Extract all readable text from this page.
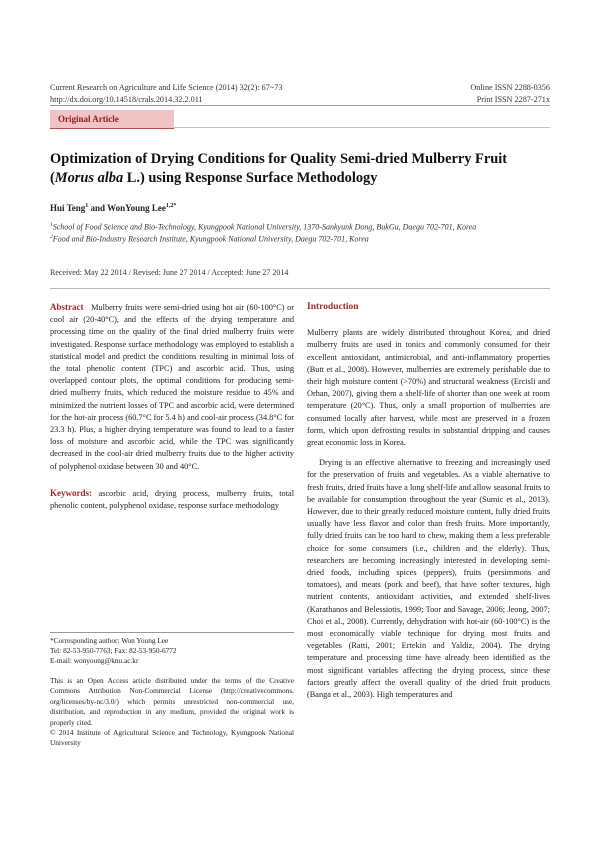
Current Research on Agriculture and Life Science (2014) 32(2): 67~73
http://dx.doi.org/10.14518/crals.2014.32.2.011
Online ISSN 2288-0356
Print ISSN 2287-271x
Original Article
Optimization of Drying Conditions for Quality Semi-dried Mulberry Fruit
(Morus alba L.) using Response Surface Methodology
Hui Teng$^1$ and WonYoung Lee$^{1,2*}$
$^1$School of Food Science and Bio-Technology, Kyungpook National University, 1370-Sankyunk Dong, BukGu, Daegu 702-701, Korea
$^2$Food and Bio-Industry Research Institute, Kyungpook National University, Daegu 702-701, Korea
Received: May 22 2014 / Revised: June 27 2014 / Accepted: June 27 2014

Abstract Mulberry fruits were semi-dried using hot air (60-100°C) or cool air (20-40°C), and the effects of the drying temperature and processing time on the quality of the final dried mulberry fruits were investigated. Response surface methodology was employed to establish a statistical model and predict the conditions resulting in minimal loss of the total phenolic content (TPC) and ascorbic acid. Thus, using overlapped contour plots, the optimal conditions for producing semi-dried mulberry fruits, which reduced the moisture residue to 45% and minimized the nutrient losses of TPC and ascorbic acid, were determined for the hot-air process (60.7°C for 5.4 h) and cool-air process (34.8°C for 23.3 h). Plus, a higher drying temperature was found to lead to a faster loss of moisture and ascorbic acid, while the TPC was significantly decreased in the cool-air dried mulberry fruits due to the higher activity of polyphenol oxidase between 30 and 40°C.

Keywords: ascorbic acid, drying process, mulberry fruits, total phenolic content, polyphenol oxidase, response surface methodology

*Corresponding author: Won Young Lee
Tel: 82-53-950-7763; Fax: 82-53-950-6772
E-mail: wonyoung@knu.ac.kr

This is an Open Access article distributed under the terms of the Creative Commons Attribution Non-Commercial License (http://creativecommons. org/licenses/by-nc/3.0/) which permits unrestricted non-commercial use, distribution, and reproduction in any medium, provided the original work is properly cited.

© 2014 Institute of Agricultural Science and Technology, Kyungpook National University

Introduction

Mulberry plants are widely distributed throughout Korea, and dried mulberry fruits are used in tonics and commonly consumed for their excellent antioxidant, antimicrobial, and anti-inflammatory properties (Butt et al., 2008). However, mulberries are extremely perishable due to their high moisture content (>70%) and structural weakness (Ercisli and Orhan, 2007), giving them a shelf-life of shorter than one week at room temperature (20°C). Thus, only a small proportion of mulberries are consumed locally after harvest, while most are preserved in a frozen form, which upon defrosting results in substantial dripping and causes great economic loss in Korea.

Drying is an effective alternative to freezing and increasingly used for the preservation of fruits and vegetables. As a viable alternative to fresh fruits, dried fruits have a long shelf-life and allow seasonal fruits to be available for consumption throughout the year (Sumic et al., 2013). However, due to their greatly reduced moisture content, fully dried fruits usually have less flavor and color than fresh fruits. More importantly, fully dried fruits can be too hard to chew, making them a less preferable choice for some consumers (i.e., children and the elderly). Thus, researchers are becoming increasingly interested in developing semi-dried foods, including spices (peppers), fruits (persimmons and tomatoes), and meats (pork and beef), that have softer textures, high nutrient contents, antioxidant activities, and extended shelf-lives (Karathanos and Belessiotis, 1999; Toor and Savage, 2006; Jeong, 2007; Choi et al., 2008). Currently, dehydration with hot-air (60-100°C) is the most economically viable technique for drying most fruits and vegetables (Ratti, 2001; Ertekin and Yaldiz, 2004). The drying temperature and processing time have already been identified as the most significant variables affecting the drying process, since these factors greatly affect the overall quality of the dried fruit products (Banga et al., 2003). High temperatures and
